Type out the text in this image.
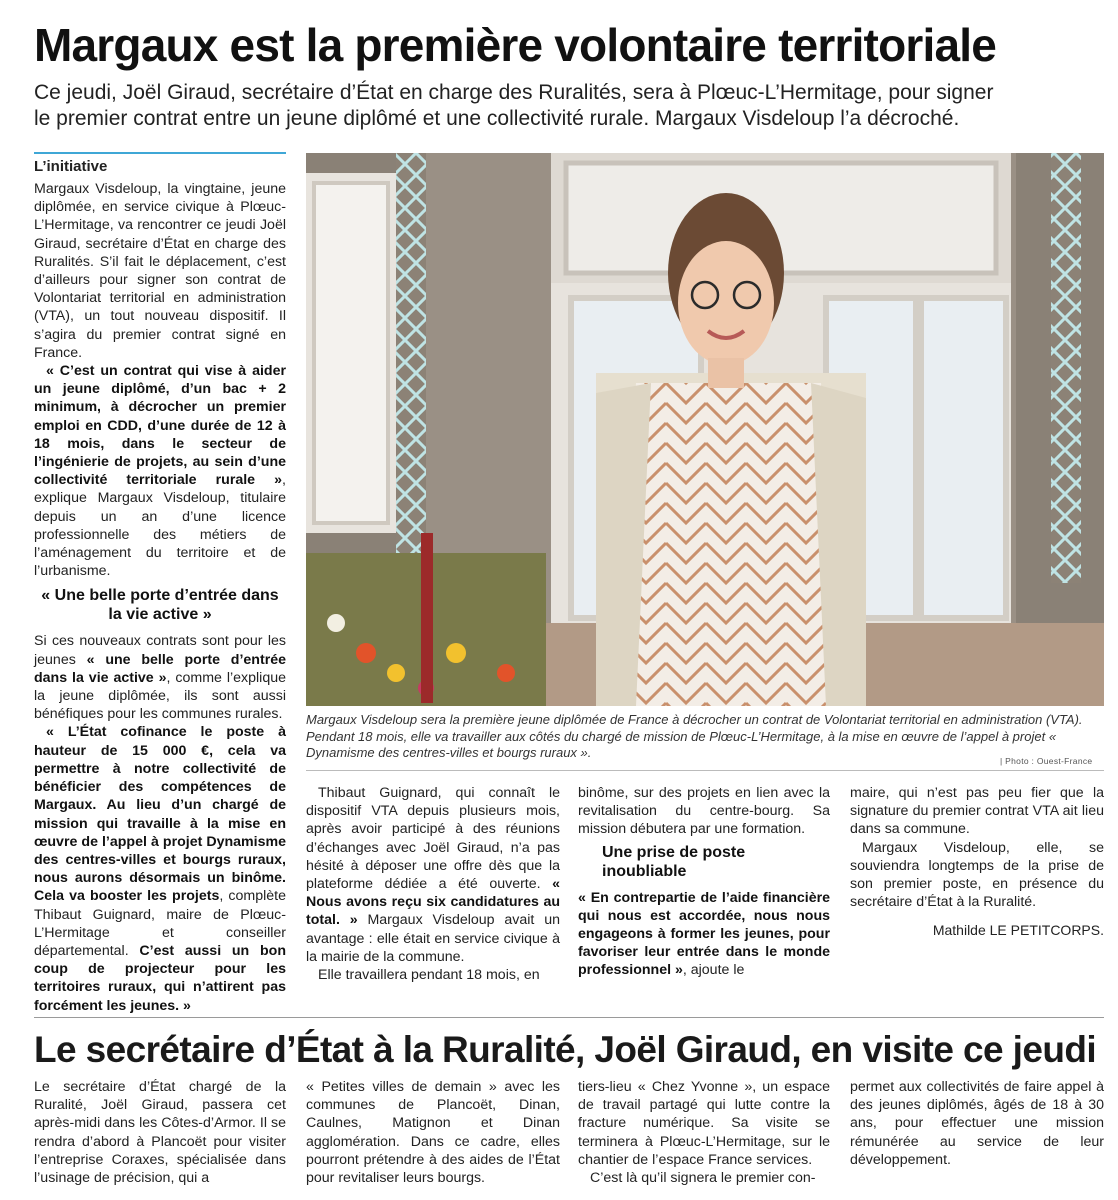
Margaux est la première volontaire territoriale

Ce jeudi, Joël Giraud, secrétaire d’État en charge des Ruralités, sera à Plœuc-L’Hermitage, pour signer

le premier contrat entre un jeune diplômé et une collectivité rurale. Margaux Visdeloup l’a décroché.

L’initiative

Margaux Visdeloup, la vingtaine, jeune diplômée, en service civique à Plœuc-L’Hermitage, va rencontrer ce jeudi Joël Giraud, secrétaire d’État en charge des Ruralités. S’il fait le déplacement, c’est d’ailleurs pour signer son contrat de Volontariat territorial en administration (VTA), un tout nouveau dispositif. Il s’agira du premier contrat signé en France.

« C’est un contrat qui vise à aider un jeune diplômé, d’un bac + 2 minimum, à décrocher un premier emploi en CDD, d’une durée de 12 à 18 mois, dans le secteur de l’ingénierie de projets, au sein d’une collectivité territoriale rurale », explique Margaux Visdeloup, titulaire depuis un an d’une licence professionnelle des métiers de l’aménagement du territoire et de l’urbanisme.

« Une belle porte d’entrée dans la vie active »

Si ces nouveaux contrats sont pour les jeunes « une belle porte d’entrée dans la vie active », comme l’explique la jeune diplômée, ils sont aussi bénéfiques pour les communes rurales.

« L’État cofinance le poste à hauteur de 15 000 €, cela va permettre à notre collectivité de bénéficier des compétences de Margaux. Au lieu d’un chargé de mission qui travaille à la mise en œuvre de l’appel à projet Dynamisme des centres-villes et bourgs ruraux, nous aurons désormais un binôme. Cela va booster les projets, complète Thibaut Guignard, maire de Plœuc-L’Hermitage et conseiller départemental. C’est aussi un bon coup de projecteur pour les territoires ruraux, qui n’attirent pas forcément les jeunes. »

Margaux Visdeloup sera la première jeune diplômée de France à décrocher un contrat de Volontariat territorial en administration (VTA). Pendant 18 mois, elle va travailler aux côtés du chargé de mission de Plœuc-L’Hermitage, à la mise en œuvre de l’appel à projet « Dynamisme des centres-villes et bourgs ruraux ».
| Photo : Ouest-France

Thibaut Guignard, qui connaît le dispositif VTA depuis plusieurs mois, après avoir participé à des réunions d’échanges avec Joël Giraud, n’a pas hésité à déposer une offre dès que la plateforme dédiée a été ouverte. « Nous avons reçu six candidatures au total. » Margaux Visdeloup avait un avantage : elle était en service civique à la mairie de la commune.

Elle travaillera pendant 18 mois, en

binôme, sur des projets en lien avec la revitalisation du centre-bourg. Sa mission débutera par une formation.

Une prise de poste inoubliable

« En contrepartie de l’aide financière qui nous est accordée, nous nous engageons à former les jeunes, pour favoriser leur entrée dans le monde professionnel », ajoute le

maire, qui n’est pas peu fier que la signature du premier contrat VTA ait lieu dans sa commune.

Margaux Visdeloup, elle, se souviendra longtemps de la prise de son premier poste, en présence du secrétaire d’État à la Ruralité.

Mathilde LE PETITCORPS.
Le secrétaire d’État à la Ruralité, Joël Giraud, en visite ce jeudi

Le secrétaire d’État chargé de la Ruralité, Joël Giraud, passera cet après-midi dans les Côtes-d’Armor. Il se rendra d’abord à Plancoët pour visiter l’entreprise Coraxes, spécialisée dans l’usinage de précision, qui a

« Petites villes de demain » avec les communes de Plancoët, Dinan, Caulnes, Matignon et Dinan agglomération. Dans ce cadre, elles pourront prétendre à des aides de l’État pour revitaliser leurs bourgs.

tiers-lieu « Chez Yvonne », un espace de travail partagé qui lutte contre la fracture numérique. Sa visite se terminera à Plœuc-L’Hermitage, sur le chantier de l’espace France services.

C’est là qu’il signera le premier con-

permet aux collectivités de faire appel à des jeunes diplômés, âgés de 18 à 30 ans, pour effectuer une mission rémunérée au service de leur développement.
